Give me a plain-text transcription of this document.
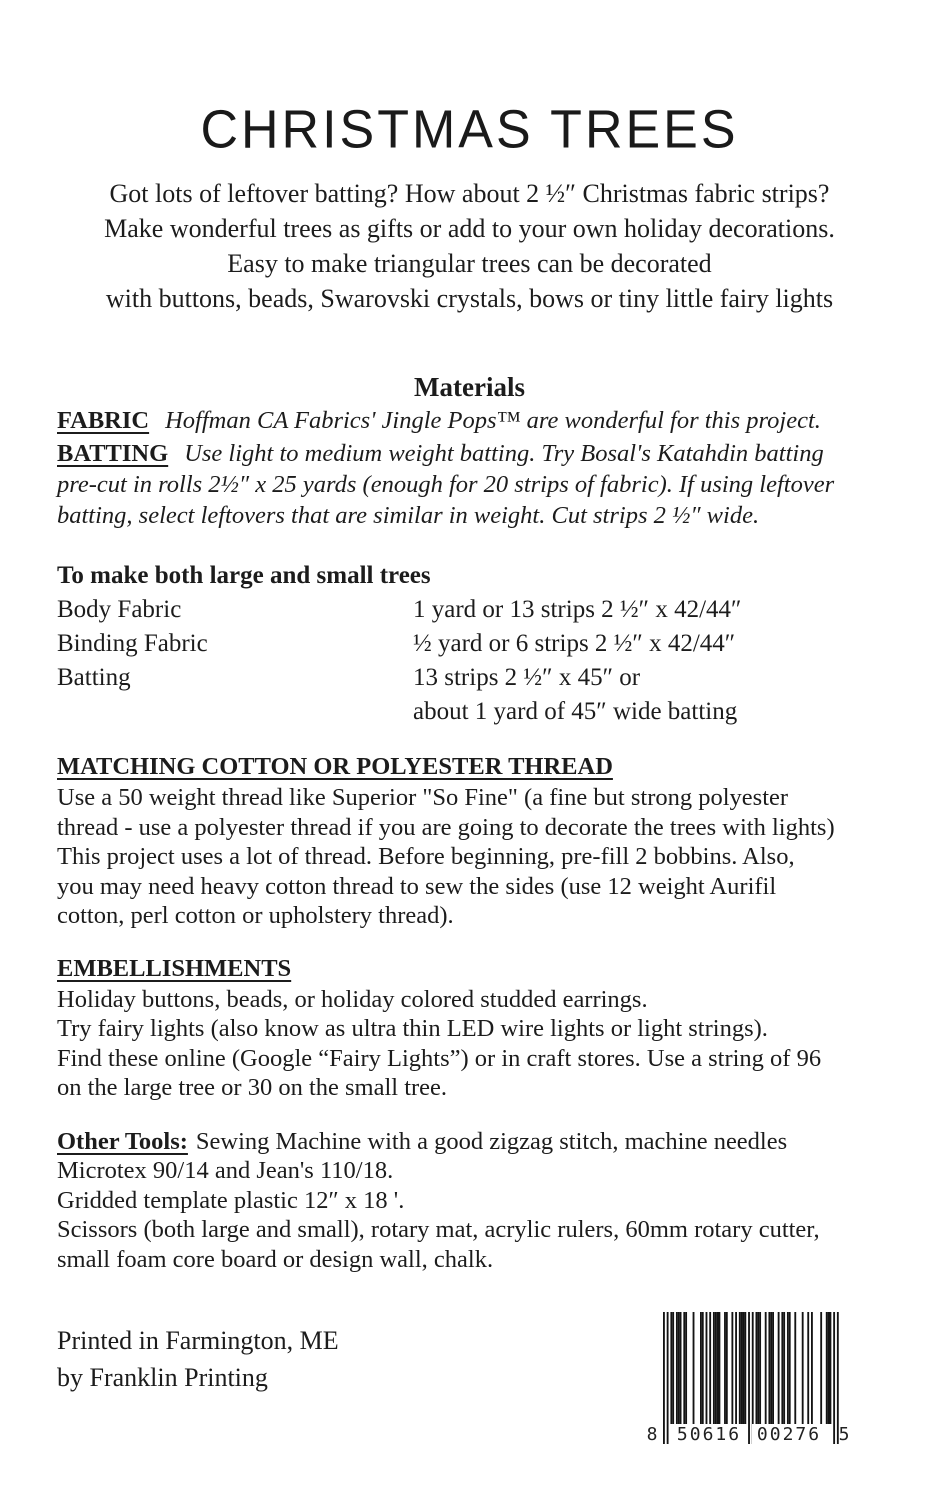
CHRISTMAS TREES
Got lots of leftover batting? How about 2 ½″ Christmas fabric strips?
Make wonderful trees as gifts or add to your own holiday decorations.
Easy to make triangular trees can be decorated
with buttons, beads, Swarovski crystals, bows or tiny little fairy lights
Materials

FABRIC Hoffman CA Fabrics' Jingle Pops™ are wonderful for this project.

BATTING Use light to medium weight batting. Try Bosal's Katahdin batting pre-cut in rolls 2½″ x 25 yards (enough for 20 strips of fabric). If using leftover batting, select leftovers that are similar in weight. Cut strips 2 ½″ wide.

To make both large and small trees
Body Fabric	1 yard or 13 strips 2 ½″ x 42/44″
Binding Fabric	½ yard or 6 strips 2 ½″ x 42/44″
Batting	13 strips 2 ½″ x 45″ or
about 1 yard of 45″ wide batting

MATCHING COTTON OR POLYESTER THREAD

Use a 50 weight thread like Superior "So Fine" (a fine but strong polyester thread - use a polyester thread if you are going to decorate the trees with lights) This project uses a lot of thread. Before beginning, pre-fill 2 bobbins. Also, you may need heavy cotton thread to sew the sides (use 12 weight Aurifil cotton, perl cotton or upholstery thread).

EMBELLISHMENTS

Holiday buttons, beads, or holiday colored studded earrings.

Try fairy lights (also know as ultra thin LED wire lights or light strings).

Find these online (Google “Fairy Lights”) or in craft stores. Use a string of 96 on the large tree or 30 on the small tree.

Other Tools: Sewing Machine with a good zigzag stitch, machine needles Microtex 90/14 and Jean's 110/18.

Gridded template plastic 12″ x 18 '.

Scissors (both large and small), rotary mat, acrylic rulers, 60mm rotary cutter, small foam core board or design wall, chalk.

Printed in Farmington, ME
by Franklin Printing
8 50616 00276 5
